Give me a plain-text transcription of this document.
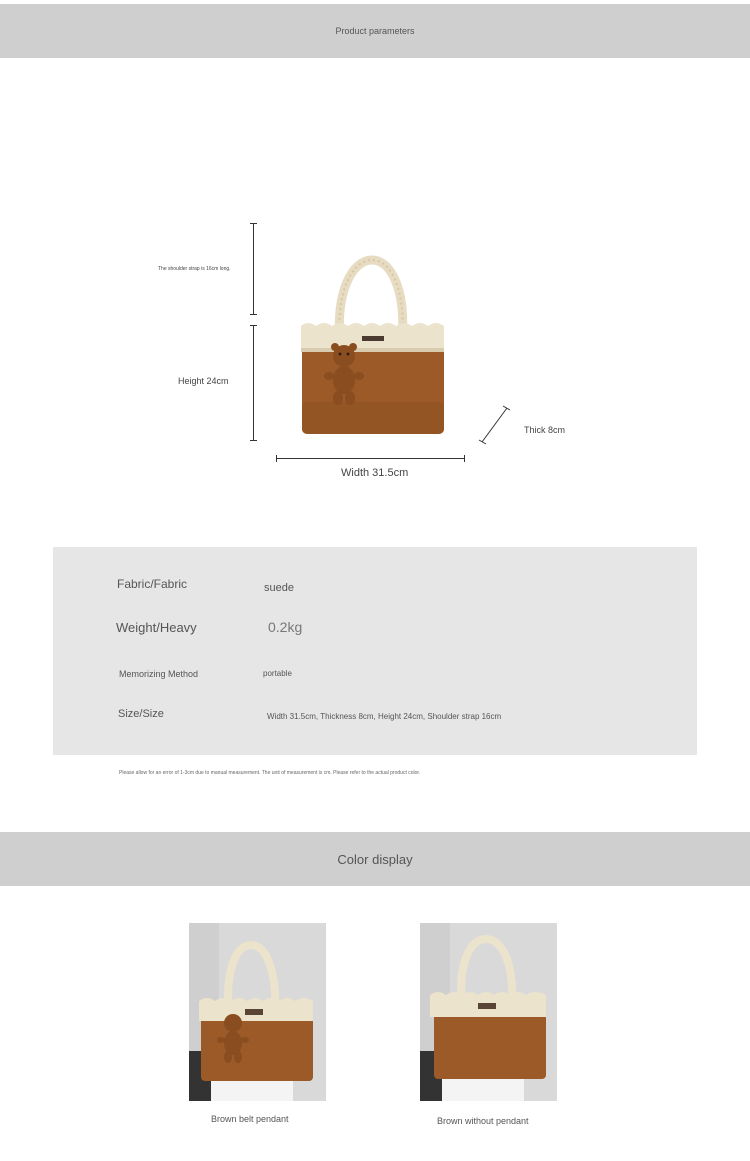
Product parameters
The shoulder strap is 16cm long.
Height 24cm
Width 31.5cm
Thick 8cm
Fabric/Fabric	suede
Weight/Heavy	0.2kg
Memorizing Method	portable
Size/Size	Width 31.5cm, Thickness 8cm, Height 24cm, Shoulder strap 16cm
Please allow for an error of 1-3cm due to manual measurement. The unit of measurement is cm. Please refer to the actual product color.
Color display
Brown belt pendant	Brown without pendant
